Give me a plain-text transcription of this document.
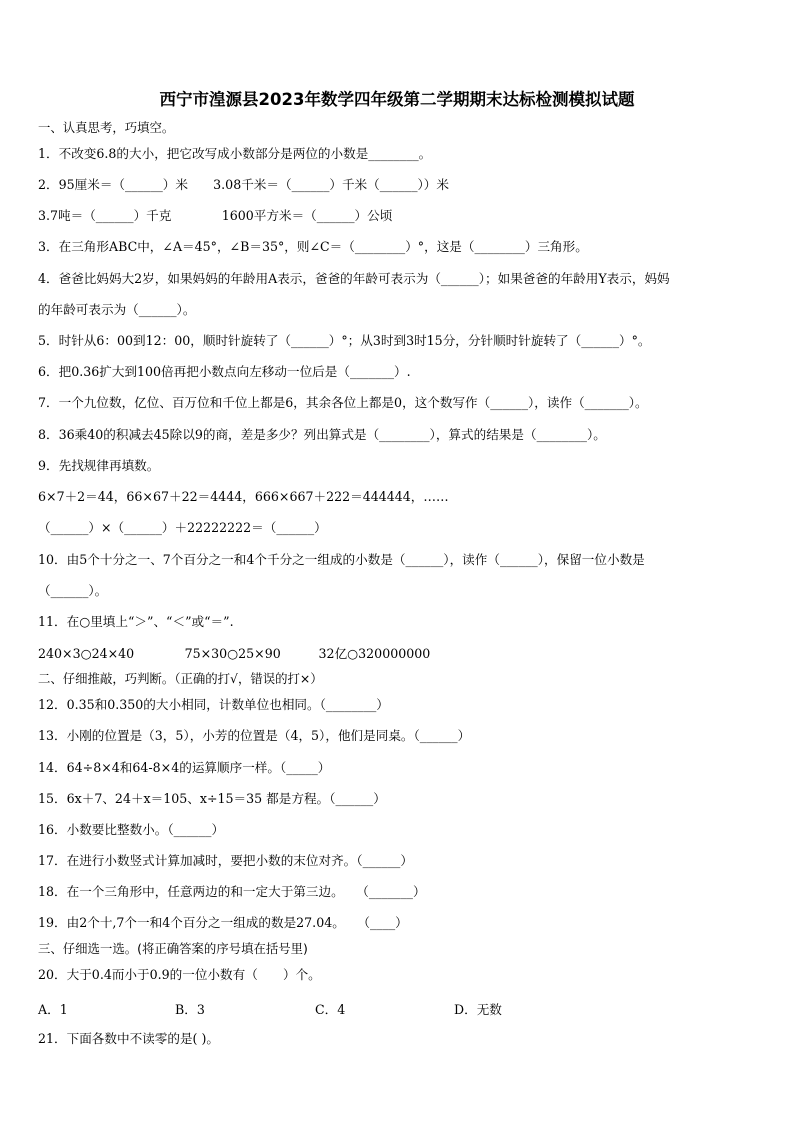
西宁市湟源县2023年数学四年级第二学期期末达标检测模拟试题
一、认真思考，巧填空。
1．不改变6.8的大小，把它改写成小数部分是两位的小数是________。
2．95厘米＝（______）米　　3.08千米＝（______）千米（______））米
3.7吨＝（______）千克　　　　1600平方米＝（______）公顷
3．在三角形ABC中，∠A＝45°，∠B＝35°，则∠C＝（________）°，这是（________）三角形。
4．爸爸比妈妈大2岁，如果妈妈的年龄用A表示，爸爸的年龄可表示为（______）；如果爸爸的年龄用Y表示，妈妈
的年龄可表示为（______）。
5．时针从6：00到12：00，顺时针旋转了（______）°；从3时到3时15分，分针顺时针旋转了（______）°。
6．把0.36扩大到100倍再把小数点向左移动一位后是（_______）.
7．一个九位数，亿位、百万位和千位上都是6，其余各位上都是0，这个数写作（______），读作（_______）。
8．36乘40的积减去45除以9的商，差是多少？列出算式是（________），算式的结果是（________）。
9．先找规律再填数。
6×7＋2＝44，66×67＋22＝4444，666×667＋222＝444444，……
（______）×（______）＋22222222＝（______）
10．由5个十分之一、7个百分之一和4个千分之一组成的小数是（______），读作（______），保留一位小数是
（______）。
11．在○里填上“＞”、“＜”或“＝”.
240×3○24×40　　　　75×30○25×90　　　32亿○320000000
二、仔细推敲，巧判断。（正确的打√，错误的打×）
12．0.35和0.350的大小相同，计数单位也相同。（________）
13．小刚的位置是（3，5），小芳的位置是（4，5），他们是同桌。（______）
14．64÷8×4和64-8×4的运算顺序一样。（_____）
15．6x＋7、24＋x＝105、x÷15＝35 都是方程。（______）
16．小数要比整数小。（______）
17．在进行小数竖式计算加减时，要把小数的末位对齐。（______）
18．在一个三角形中，任意两边的和一定大于第三边。　　（_______）
19．由2个十,7个一和4个百分之一组成的数是27.04。　　（____）
三、仔细选一选。(将正确答案的序号填在括号里)
20．大于0.4而小于0.9的一位小数有（　　）个。
A．1	B．3	C．4	D．无数
21．下面各数中不读零的是( )。
